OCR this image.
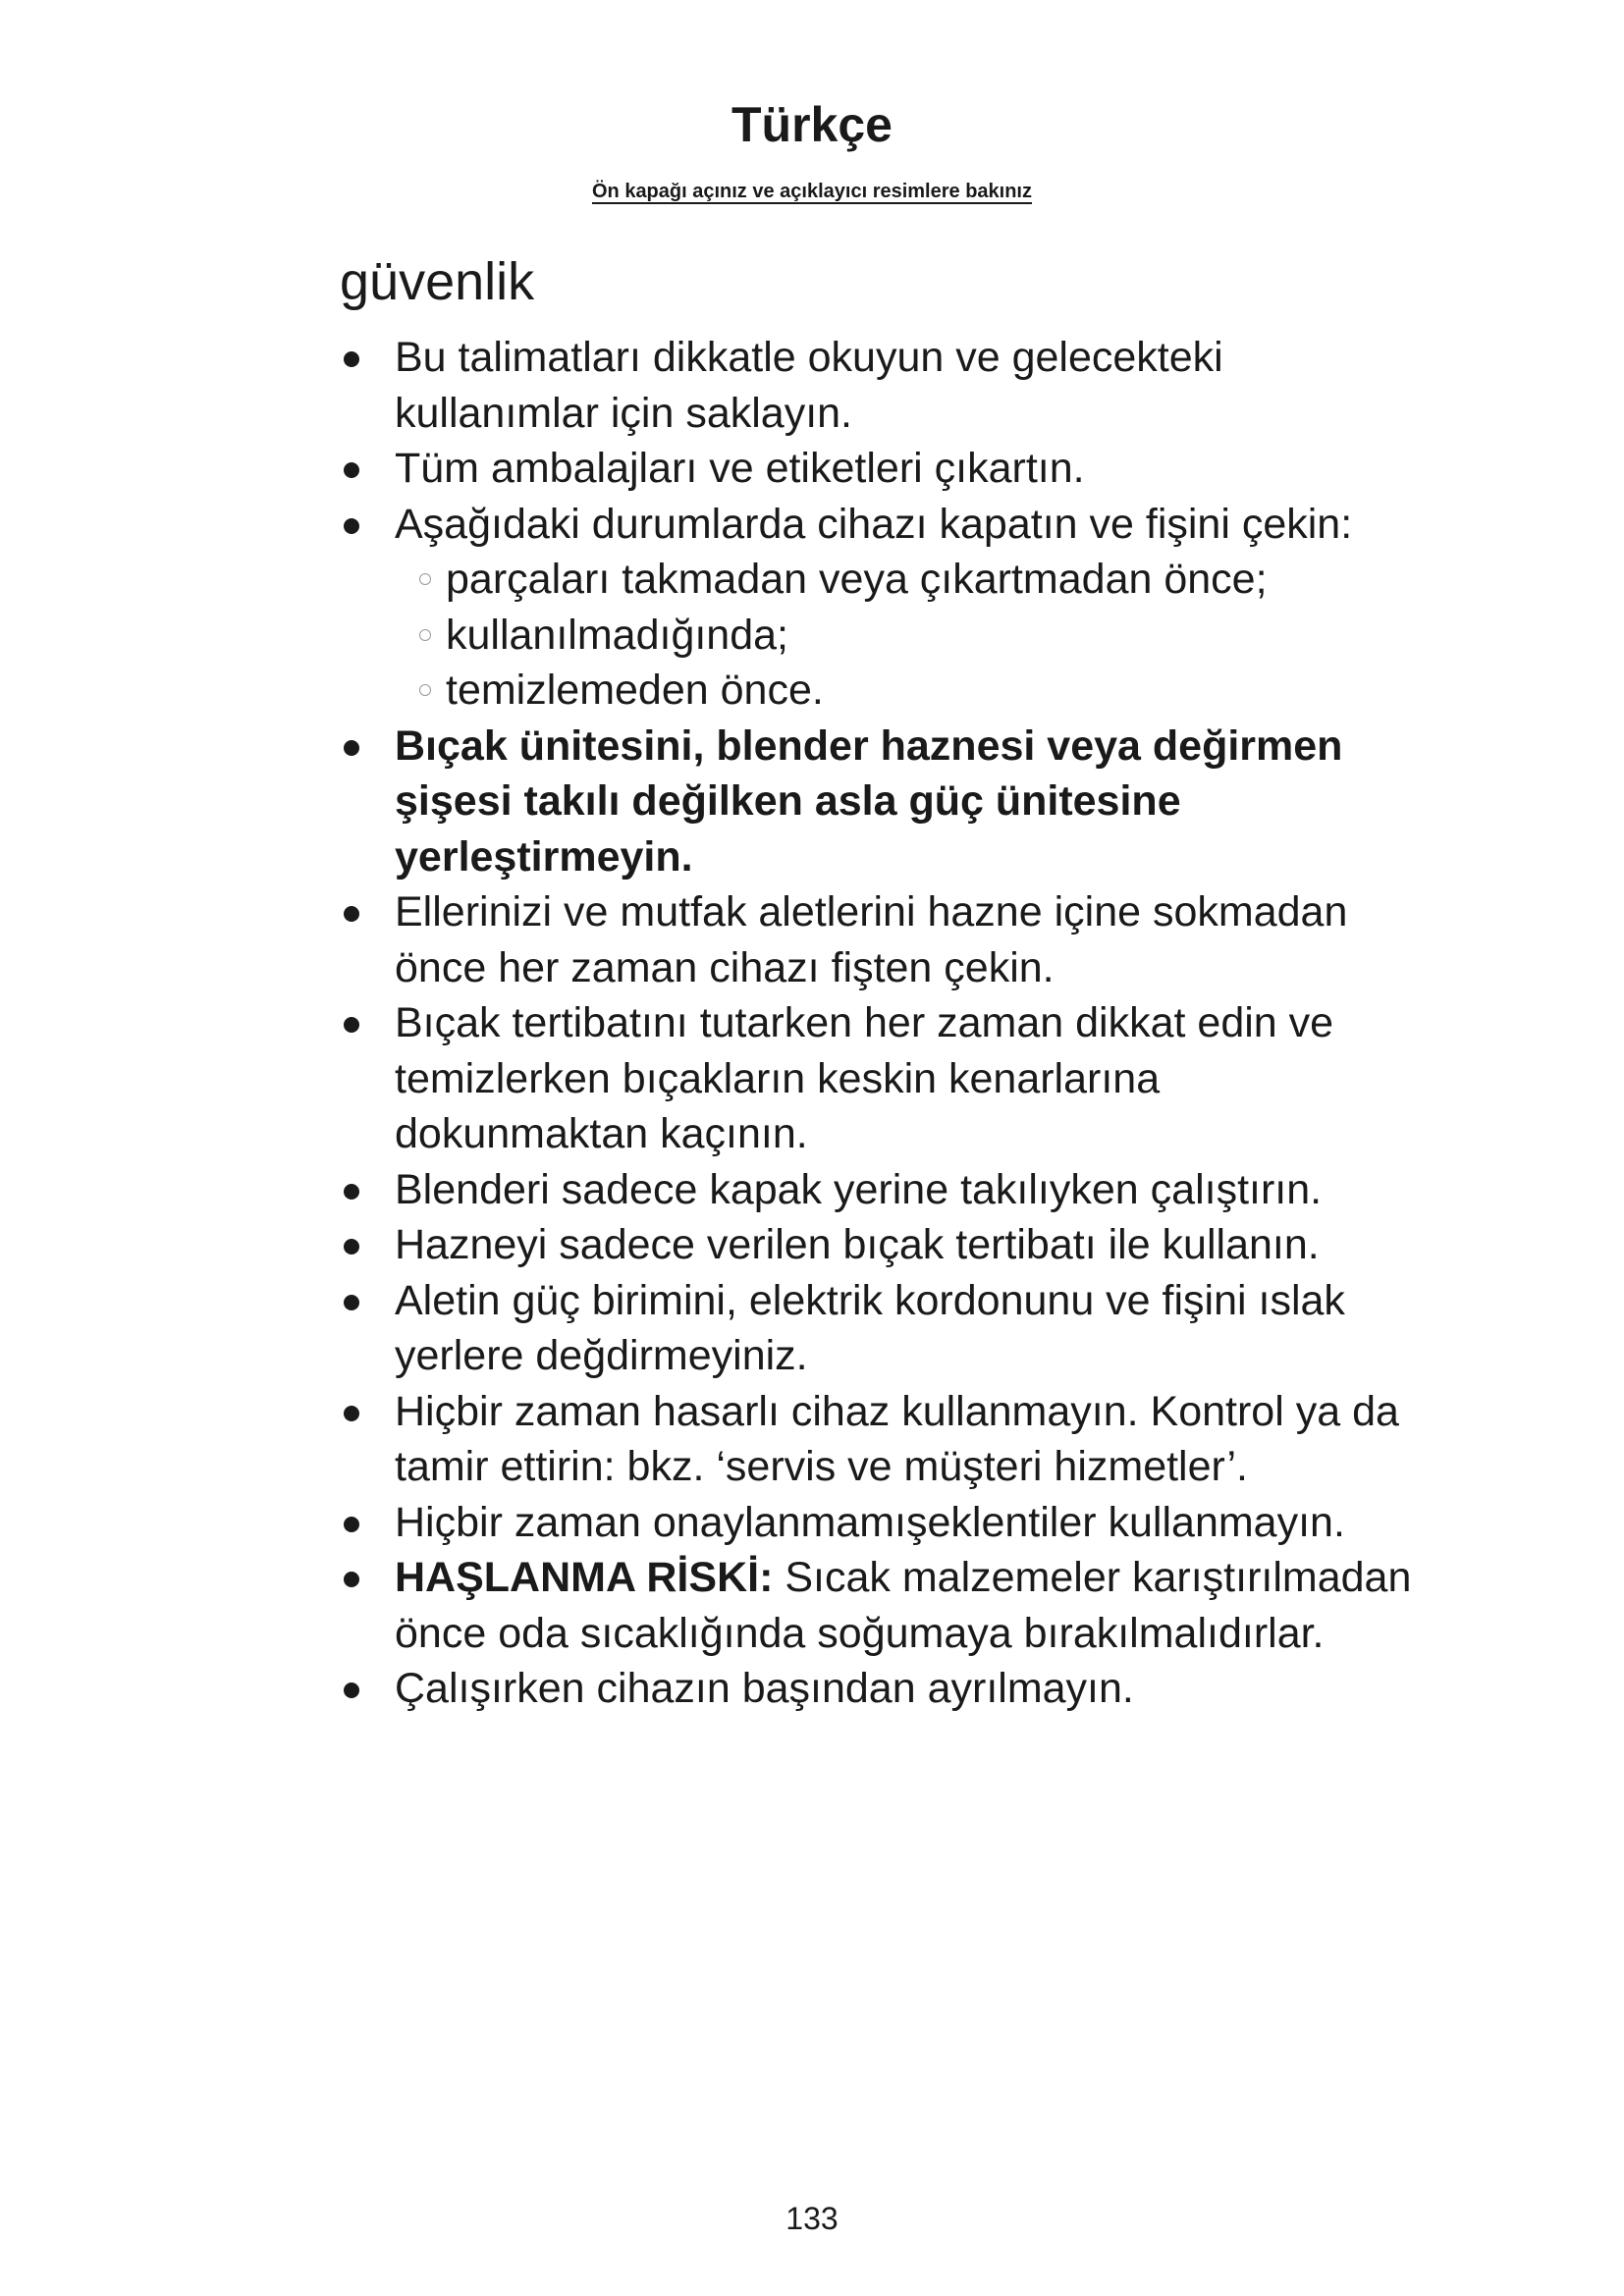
Türkçe

Ön kapağı açınız ve açıklayıcı resimlere bakınız

güvenlik
Bu talimatları dikkatle okuyun ve gelecekteki kullanımlar için saklayın.
Tüm ambalajları ve etiketleri çıkartın.
Aşağıdaki durumlarda cihazı kapatın ve fişini çekin:
parçaları takmadan veya çıkartmadan önce;
kullanılmadığında;
temizlemeden önce.
Bıçak ünitesini, blender haznesi veya değirmen şişesi takılı değilken asla güç ünitesine yerleştirmeyin.
Ellerinizi ve mutfak aletlerini hazne içine sokmadan önce her zaman cihazı fişten çekin.
Bıçak tertibatını tutarken her zaman dikkat edin ve temizlerken bıçakların keskin kenarlarına dokunmaktan kaçının.
Blenderi sadece kapak yerine takılıyken çalıştırın.
Hazneyi sadece verilen bıçak tertibatı ile kullanın.
Aletin güç birimini, elektrik kordonunu ve fişini ıslak yerlere değdirmeyiniz.
Hiçbir zaman hasarlı cihaz kullanmayın. Kontrol ya da tamir ettirin: bkz. ‘servis ve müşteri hizmetler’.
Hiçbir zaman onaylanmamışeklentiler kullanmayın.
HAŞLANMA RİSKİ: Sıcak malzemeler karıştırılmadan önce oda sıcaklığında soğumaya bırakılmalıdırlar.
Çalışırken cihazın başından ayrılmayın.
133
